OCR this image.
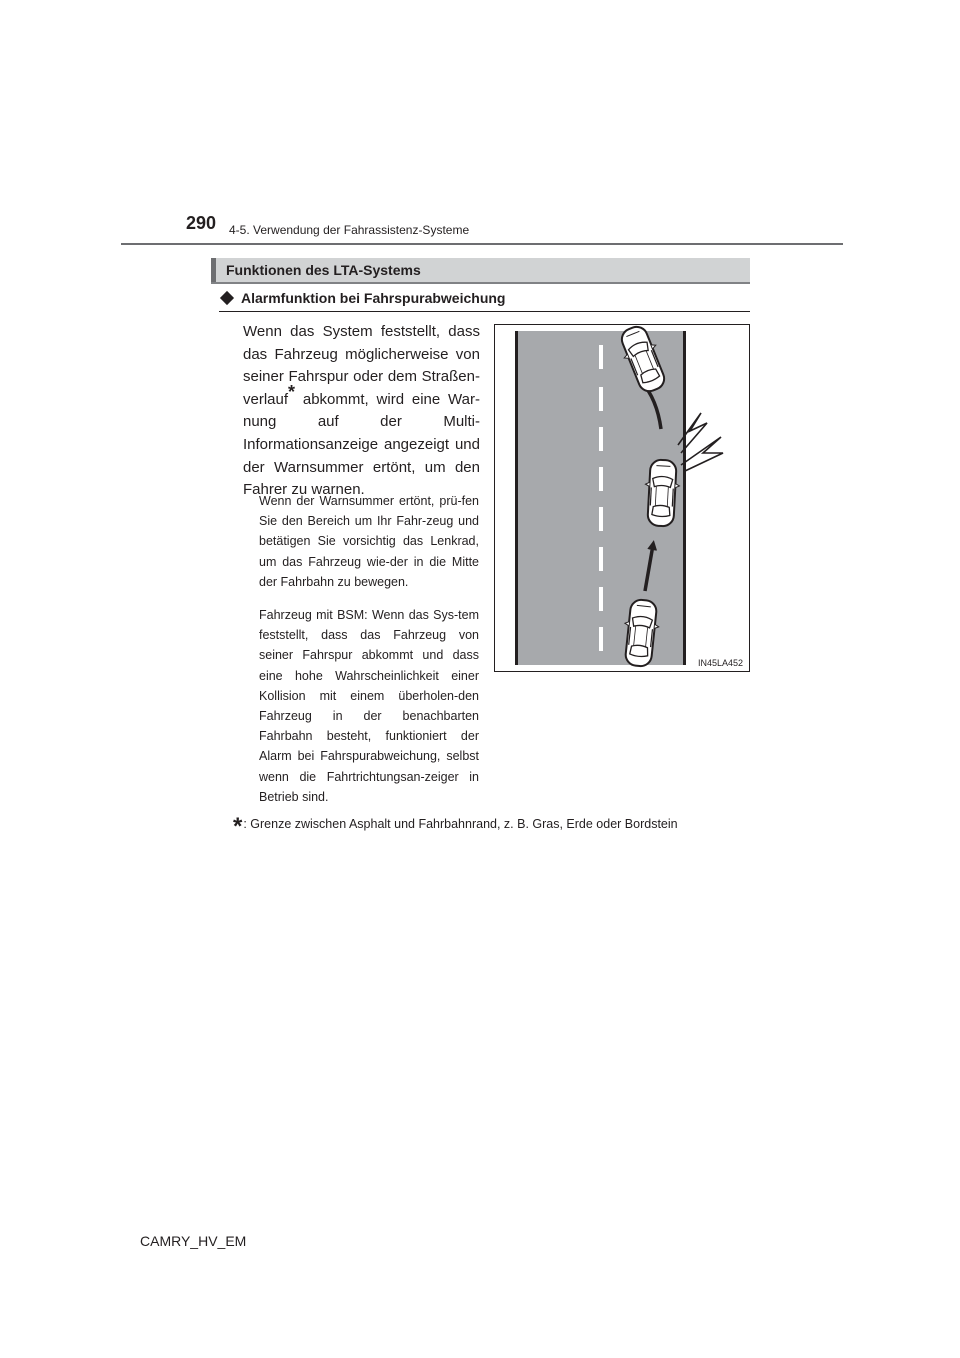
290 4-5. Verwendung der Fahrassistenz-Systeme
Funktionen des LTA-Systems
Alarmfunktion bei Fahrspurabweichung

Wenn das System feststellt, dass das Fahrzeug möglicherweise von seiner Fahrspur oder dem Straßen-verlauf* abkommt, wird eine War-nung auf der Multi-Informationsanzeige angezeigt und der Warnsummer ertönt, um den Fahrer zu warnen.

Wenn der Warnsummer ertönt, prü-fen Sie den Bereich um Ihr Fahr-zeug und betätigen Sie vorsichtig das Lenkrad, um das Fahrzeug wie-der in die Mitte der Fahrbahn zu bewegen.

Fahrzeug mit BSM: Wenn das Sys-tem feststellt, dass das Fahrzeug von seiner Fahrspur abkommt und dass eine hohe Wahrscheinlichkeit einer Kollision mit einem überholen-den Fahrzeug in der benachbarten Fahrbahn besteht, funktioniert der Alarm bei Fahrspurabweichung, selbst wenn die Fahrtrichtungsan-zeiger in Betrieb sind.

*: Grenze zwischen Asphalt und Fahrbahnrand, z. B. Gras, Erde oder Bordstein
IN45LA452
CAMRY_HV_EM
